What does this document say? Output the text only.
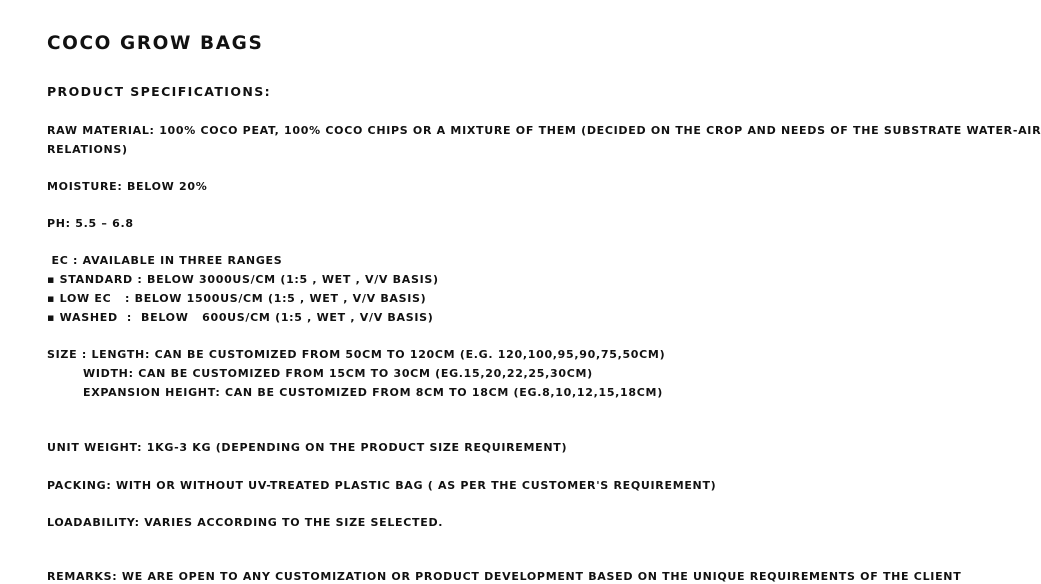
COCO GROW BAGS
PRODUCT SPECIFICATIONS:
RAW MATERIAL: 100% COCO PEAT, 100% COCO CHIPS OR A MIXTURE OF THEM (DECIDED ON THE CROP AND NEEDS OF THE SUBSTRATE WATER-AIR
RELATIONS)
MOISTURE: BELOW 20%
PH: 5.5 – 6.8
EC : AVAILABLE IN THREE RANGES
▪ STANDARD : BELOW 3000US/CM (1:5 , WET , V/V BASIS)
▪ LOW EC   : BELOW 1500US/CM (1:5 , WET , V/V BASIS)
▪ WASHED  :  BELOW   600US/CM (1:5 , WET , V/V BASIS)
SIZE : LENGTH: CAN BE CUSTOMIZED FROM 50CM TO 120CM (E.G. 120,100,95,90,75,50CM)
WIDTH: CAN BE CUSTOMIZED FROM 15CM TO 30CM (EG.15,20,22,25,30CM)
EXPANSION HEIGHT: CAN BE CUSTOMIZED FROM 8CM TO 18CM (EG.8,10,12,15,18CM)
UNIT WEIGHT: 1KG-3 KG (DEPENDING ON THE PRODUCT SIZE REQUIREMENT)
PACKING: WITH OR WITHOUT UV-TREATED PLASTIC BAG ( AS PER THE CUSTOMER'S REQUIREMENT)
LOADABILITY: VARIES ACCORDING TO THE SIZE SELECTED.
REMARKS: WE ARE OPEN TO ANY CUSTOMIZATION OR PRODUCT DEVELOPMENT BASED ON THE UNIQUE REQUIREMENTS OF THE CLIENT
